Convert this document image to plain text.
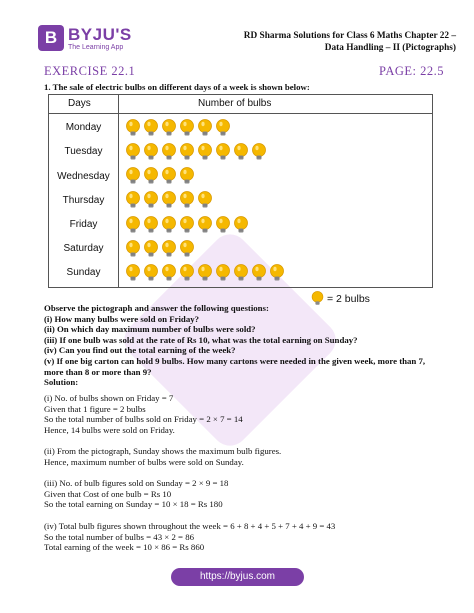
B BYJU'S
The Learning App
RD Sharma Solutions for Class 6 Maths Chapter 22 –
Data Handling – II (Pictographs)
EXERCISE 22.1	PAGE: 22.5
1. The sale of electric bulbs on different days of a week is shown below:
Days	Number of bulbs
Monday
Tuesday
Wednesday
Thursday
Friday
Saturday
Sunday
= 2 bulbs
Observe the pictograph and answer the following questions:
(i) How many bulbs were sold on Friday?
(ii) On which day maximum number of bulbs were sold?
(iii) If one bulb was sold at the rate of Rs 10, what was the total earning on Sunday?
(iv) Can you find out the total earning of the week?
(v) If one big carton can hold 9 bulbs. How many cartons were needed in the given week, more than 7,
more than 8 or more than 9?
Solution:
(i) No. of bulbs shown on Friday = 7
Given that 1 figure = 2 bulbs
So the total number of bulbs sold on Friday = 2 × 7 = 14
Hence, 14 bulbs were sold on Friday.
(ii) From the pictograph, Sunday shows the maximum bulb figures.
Hence, maximum number of bulbs were sold on Sunday.
(iii) No. of bulb figures sold on Sunday = 2 × 9 = 18
Given that Cost of one bulb = Rs 10
So the total earning on Sunday = 10 × 18 = Rs 180
(iv) Total bulb figures shown throughout the week = 6 + 8 + 4 + 5 + 7 + 4 + 9 = 43
So the total number of bulbs = 43 × 2 = 86
Total earning of the week = 10 × 86 = Rs 860
https://byjus.com
